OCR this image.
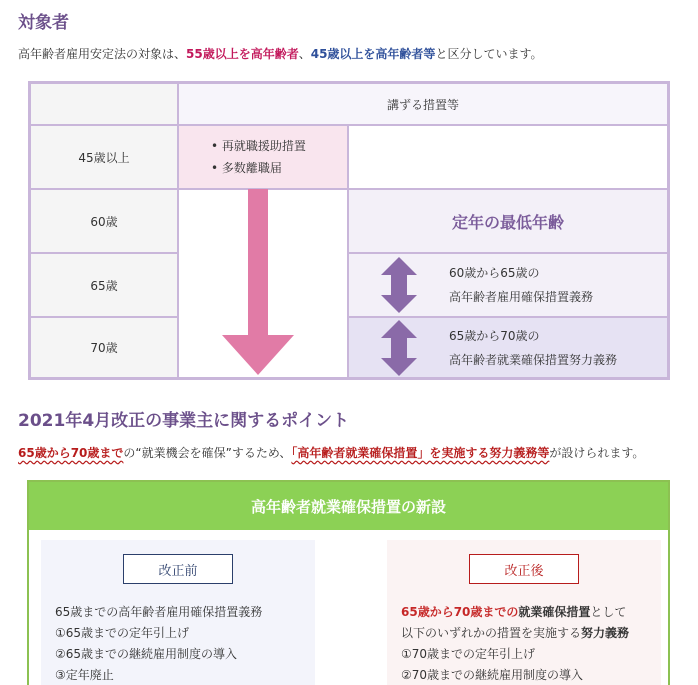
対象者
高年齢者雇用安定法の対象は、55歳以上を高年齢者、45歳以上を高年齢者等と区分しています。
講ずる措置等
45歳以上
• 再就職援助措置
• 多数離職届
60歳	定年の最低年齢
65歳
60歳から65歳の
高年齢者雇用確保措置義務
70歳
65歳から70歳の
高年齢者就業確保措置努力義務
2021年4月改正の事業主に関するポイント
65歳から70歳までの“就業機会を確保”するため、「高年齢者就業確保措置」を実施する努力義務等が設けられます。
高年齢者就業確保措置の新設
改正前
65歳までの高年齢者雇用確保措置義務
①65歳までの定年引上げ
②65歳までの継続雇用制度の導入
③定年廃止
改正後
65歳から70歳までの就業確保措置として
以下のいずれかの措置を実施する努力義務
①70歳までの定年引上げ
②70歳までの継続雇用制度の導入
